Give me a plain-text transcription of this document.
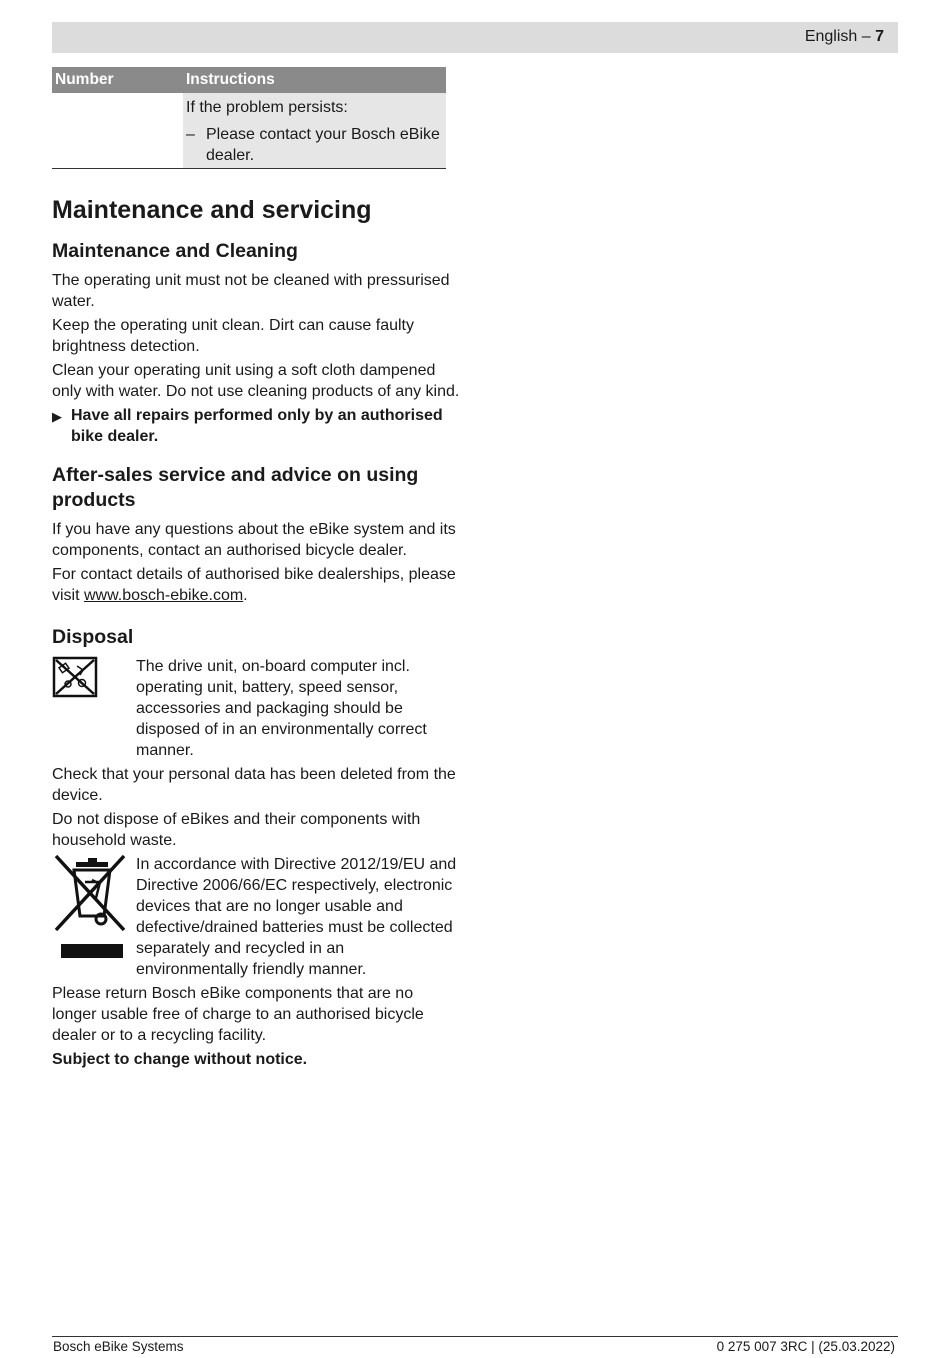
English – 7
Number	Instructions
If the problem persists:
– Please contact your Bosch eBike dealer.
Maintenance and servicing
Maintenance and Cleaning

The operating unit must not be cleaned with pressurised water.

Keep the operating unit clean. Dirt can cause faulty brightness detection.

Clean your operating unit using a soft cloth dampened only with water. Do not use cleaning products of any kind.

▶ Have all repairs performed only by an authorised bike dealer.
After-sales service and advice on using products

If you have any questions about the eBike system and its components, contact an authorised bicycle dealer.

For contact details of authorised bike dealerships, please visit www.bosch-ebike.com.

Disposal
The drive unit, on-board computer incl. operating unit, battery, speed sensor, accessories and packaging should be disposed of in an environmentally correct manner.

Check that your personal data has been deleted from the device.

Do not dispose of eBikes and their components with household waste.

In accordance with Directive 2012/19/EU and Directive 2006/66/EC respectively, electronic devices that are no longer usable and defective/drained batteries must be collected separately and recycled in an environmentally friendly manner.

Please return Bosch eBike components that are no longer usable free of charge to an authorised bicycle dealer or to a recycling facility.

Subject to change without notice.

Bosch eBike Systems	0 275 007 3RC | (25.03.2022)
